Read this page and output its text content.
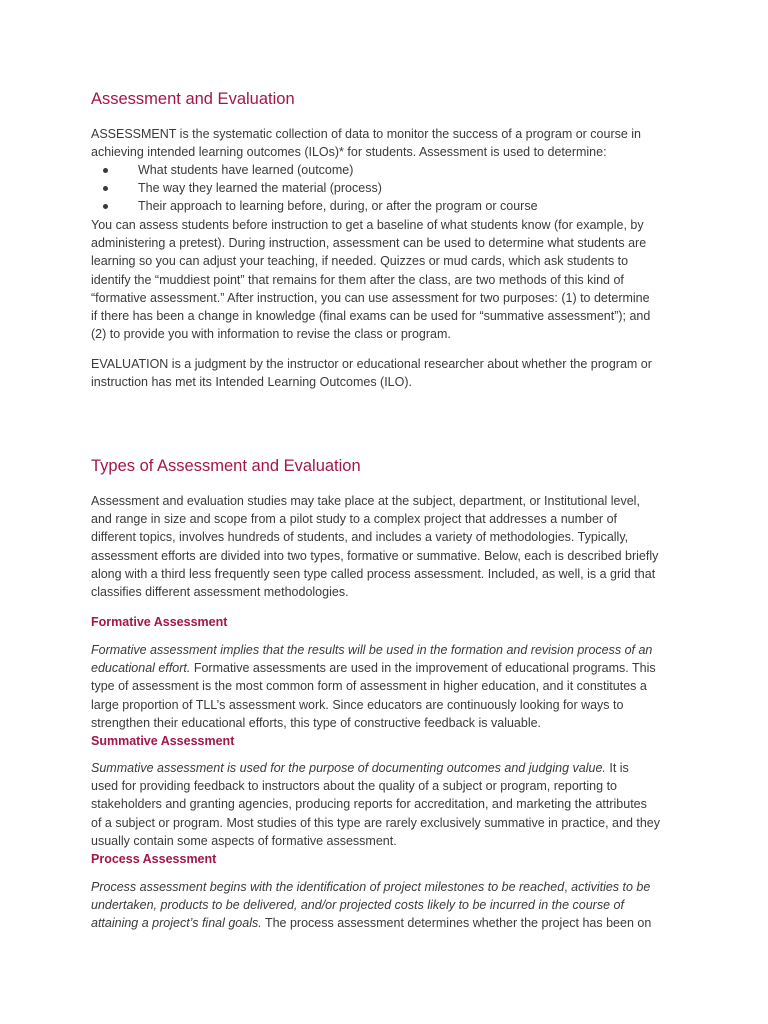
Assessment and Evaluation

ASSESSMENT is the systematic collection of data to monitor the success of a program or course in
achieving intended learning outcomes (ILOs)* for students. Assessment is used to determine:

What students have learned (outcome)
The way they learned the material (process)
Their approach to learning before, during, or after the program or course

You can assess students before instruction to get a baseline of what students know (for example, by
administering a pretest). During instruction, assessment can be used to determine what students are
learning so you can adjust your teaching, if needed. Quizzes or mud cards, which ask students to
identify the “muddiest point” that remains for them after the class, are two methods of this kind of
“formative assessment.” After instruction, you can use assessment for two purposes: (1) to determine
if there has been a change in knowledge (final exams can be used for “summative assessment”); and
(2) to provide you with information to revise the class or program.

EVALUATION is a judgment by the instructor or educational researcher about whether the program or
instruction has met its Intended Learning Outcomes (ILO).

Types of Assessment and Evaluation

Assessment and evaluation studies may take place at the subject, department, or Institutional level,
and range in size and scope from a pilot study to a complex project that addresses a number of
different topics, involves hundreds of students, and includes a variety of methodologies. Typically,
assessment efforts are divided into two types, formative or summative. Below, each is described briefly
along with a third less frequently seen type called process assessment. Included, as well, is a grid that
classifies different assessment methodologies.

Formative Assessment

Formative assessment implies that the results will be used in the formation and revision process of an
educational effort. Formative assessments are used in the improvement of educational programs. This
type of assessment is the most common form of assessment in higher education, and it constitutes a
large proportion of TLL’s assessment work. Since educators are continuously looking for ways to
strengthen their educational efforts, this type of constructive feedback is valuable.

Summative Assessment

Summative assessment is used for the purpose of documenting outcomes and judging value. It is
used for providing feedback to instructors about the quality of a subject or program, reporting to
stakeholders and granting agencies, producing reports for accreditation, and marketing the attributes
of a subject or program. Most studies of this type are rarely exclusively summative in practice, and they
usually contain some aspects of formative assessment.

Process Assessment

Process assessment begins with the identification of project milestones to be reached, activities to be
undertaken, products to be delivered, and/or projected costs likely to be incurred in the course of
attaining a project’s final goals. The process assessment determines whether the project has been on
